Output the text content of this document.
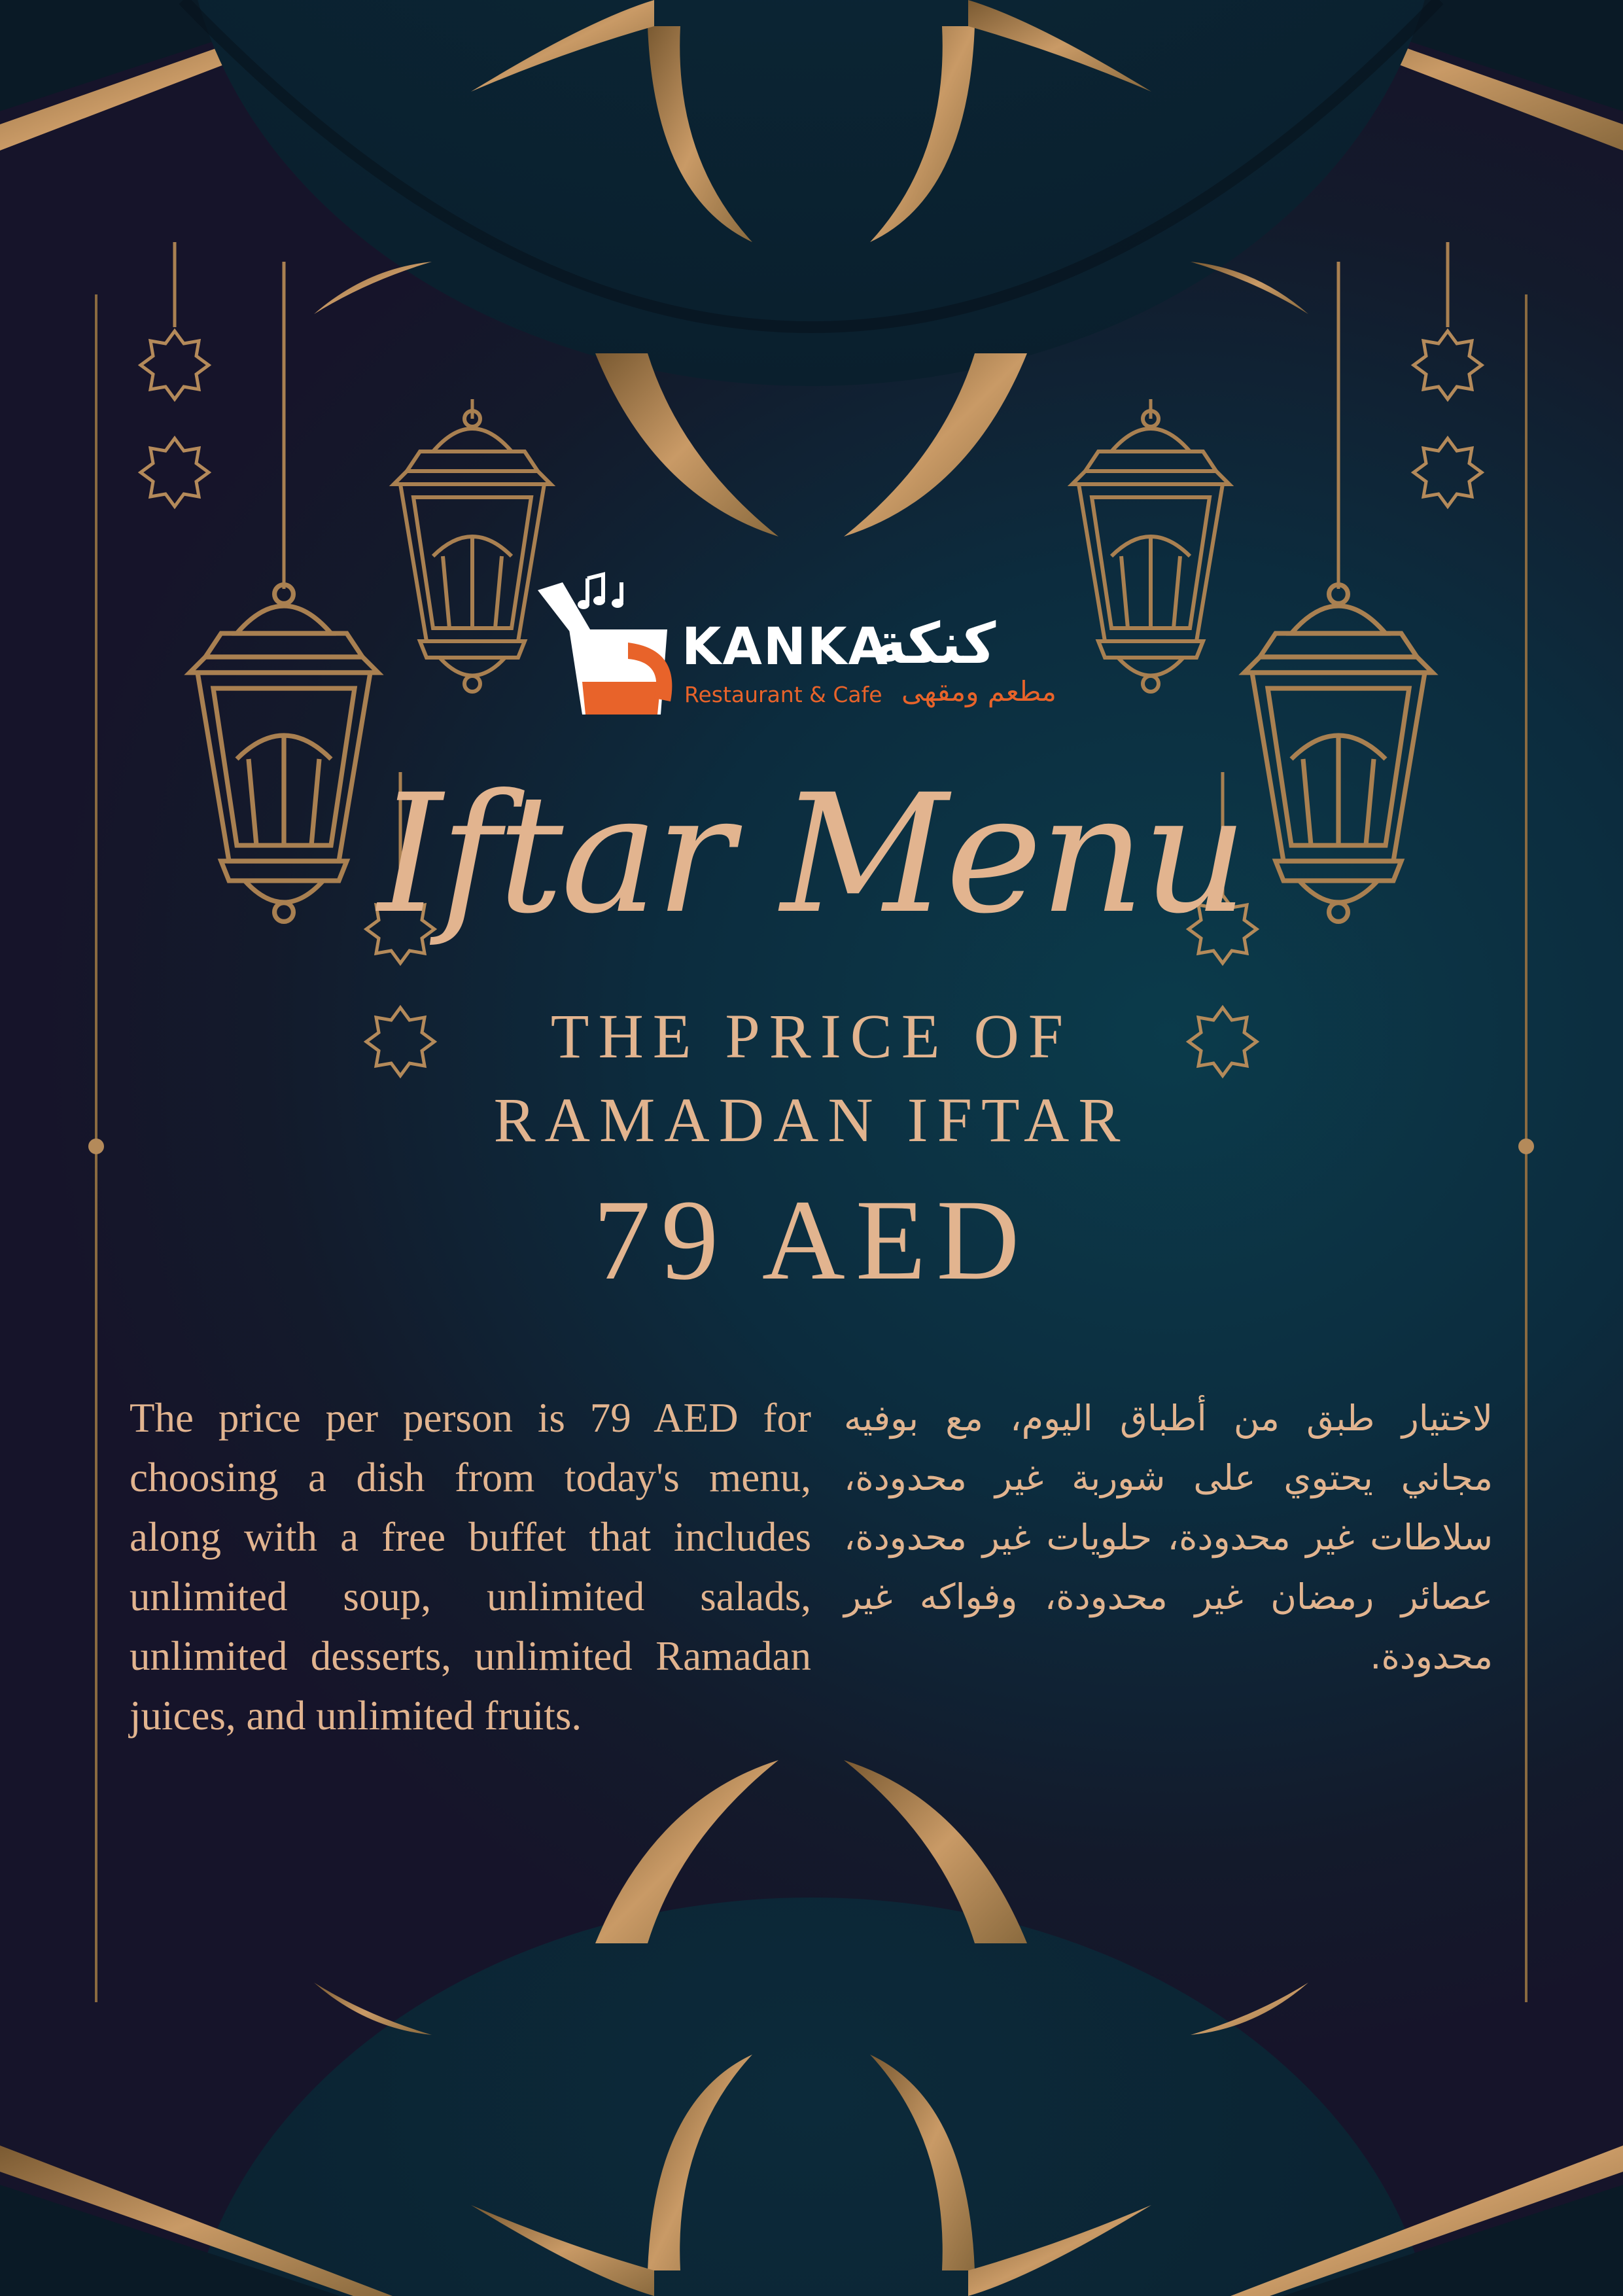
KANKA
كنكة
Restaurant & Cafe مطعم ومقهى
Iftar Menu
THE PRICE OF
RAMADAN IFTAR
79 AED
The price per person is 79 AED for choosing a dish from today's menu, along with a free buffet that includes unlimited soup, unlimited salads, unlimited desserts, unlimited Ramadan juices, and unlimited fruits.
لاختيار طبق من أطباق اليوم، مع بوفيه مجاني يحتوي على شوربة غير محدودة، سلاطات غير محدودة، حلويات غير محدودة، عصائر رمضان غير محدودة، وفواكه غير محدودة.
